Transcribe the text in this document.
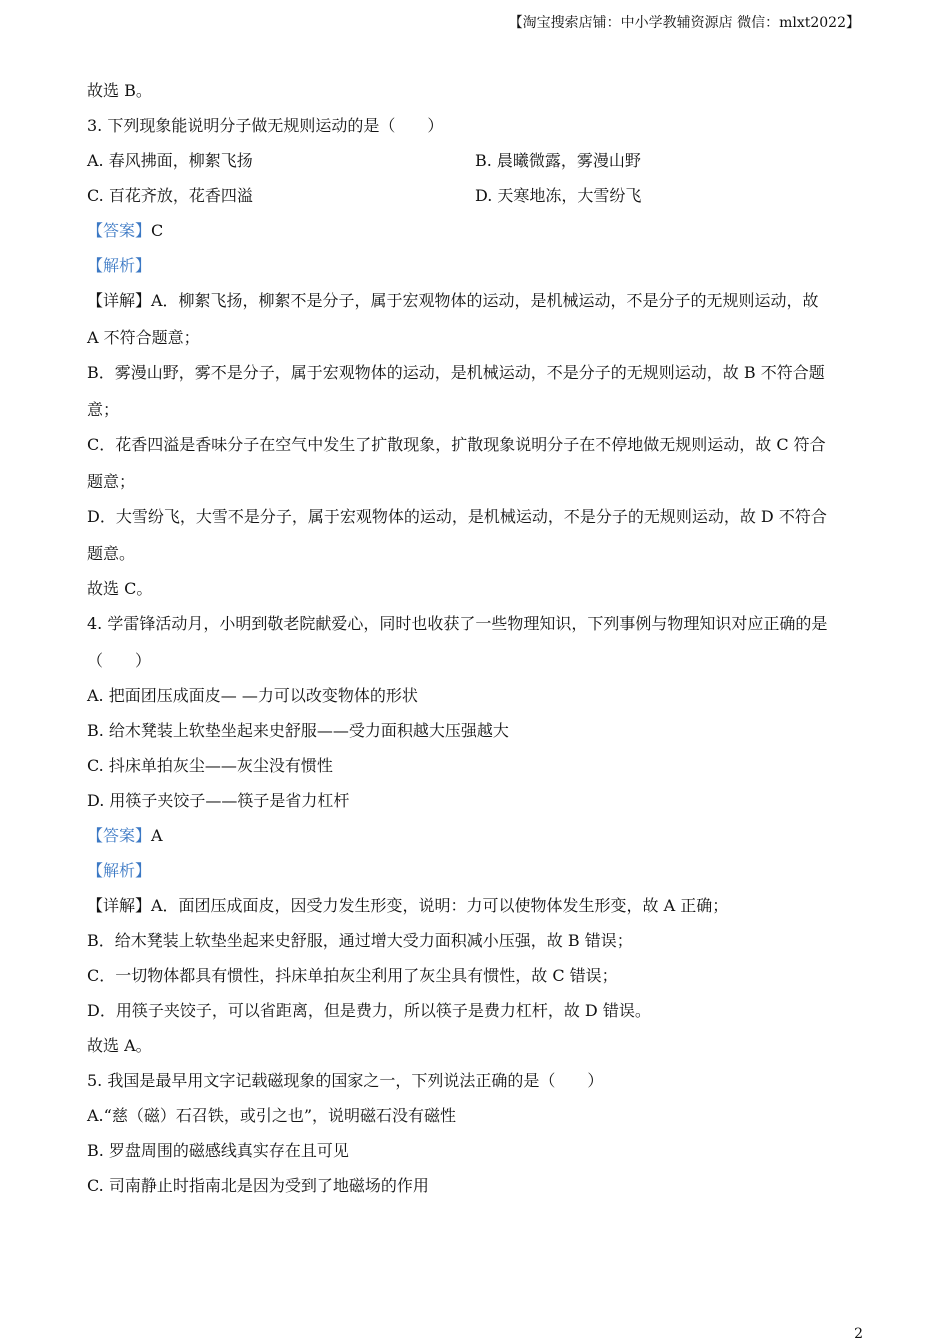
【淘宝搜索店铺：中小学教辅资源店 微信：mlxt2022】
故选 B。
3. 下列现象能说明分子做无规则运动的是（　　）
A. 春风拂面，柳絮飞扬	B. 晨曦微露，雾漫山野
C. 百花齐放，花香四溢	D. 天寒地冻，大雪纷飞
【答案】C
【解析】
【详解】A．柳絮飞扬，柳絮不是分子，属于宏观物体的运动，是机械运动，不是分子的无规则运动，故
A 不符合题意；
B．雾漫山野，雾不是分子，属于宏观物体的运动，是机械运动，不是分子的无规则运动，故 B 不符合题
意；
C．花香四溢是香味分子在空气中发生了扩散现象，扩散现象说明分子在不停地做无规则运动，故 C 符合
题意；
D．大雪纷飞，大雪不是分子，属于宏观物体的运动，是机械运动，不是分子的无规则运动，故 D 不符合
题意。
故选 C。
4. 学雷锋活动月，小明到敬老院献爱心，同时也收获了一些物理知识，下列事例与物理知识对应正确的是
（　　）
A. 把面团压成面皮— —力可以改变物体的形状
B. 给木凳装上软垫坐起来史舒服——受力面积越大压强越大
C. 抖床单拍灰尘——灰尘没有惯性
D. 用筷子夹饺子——筷子是省力杠杆
【答案】A
【解析】
【详解】A．面团压成面皮，因受力发生形变，说明：力可以使物体发生形变，故 A 正确；
B．给木凳装上软垫坐起来史舒服，通过增大受力面积减小压强，故 B 错误；
C．一切物体都具有惯性，抖床单拍灰尘利用了灰尘具有惯性，故 C 错误；
D．用筷子夹饺子，可以省距离，但是费力，所以筷子是费力杠杆，故 D 错误。
故选 A。
5. 我国是最早用文字记载磁现象的国家之一，下列说法正确的是（　　）
A.“慈（磁）石召铁，或引之也”，说明磁石没有磁性
B. 罗盘周围的磁感线真实存在且可见
C. 司南静止时指南北是因为受到了地磁场的作用
2
